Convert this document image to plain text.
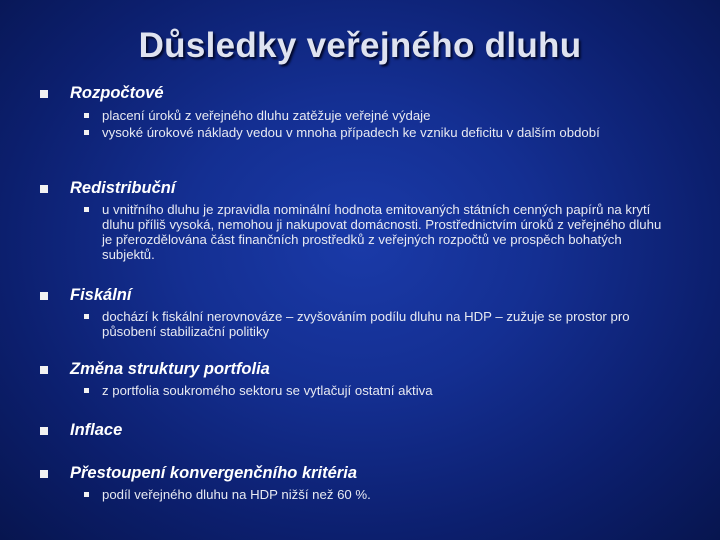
Důsledky veřejného dluhu
Rozpočtové
placení úroků z veřejného dluhu zatěžuje veřejné výdaje
vysoké úrokové náklady vedou v mnoha případech ke vzniku deficitu v dalším období
Redistribuční
u vnitřního dluhu je zpravidla nominální hodnota emitovaných státních cenných papírů na krytí dluhu příliš vysoká, nemohou ji nakupovat domácnosti. Prostřednictvím úroků z veřejného dluhu je přerozdělována část finančních prostředků z veřejných rozpočtů ve prospěch bohatých subjektů.
Fiskální
dochází k fiskální nerovnováze – zvyšováním podílu dluhu na HDP – zužuje se prostor pro působení stabilizační politiky
Změna struktury portfolia
z portfolia soukromého sektoru se vytlačují ostatní aktiva
Inflace
Přestoupení konvergenčního kritéria
podíl veřejného dluhu na HDP nižší než 60 %.
